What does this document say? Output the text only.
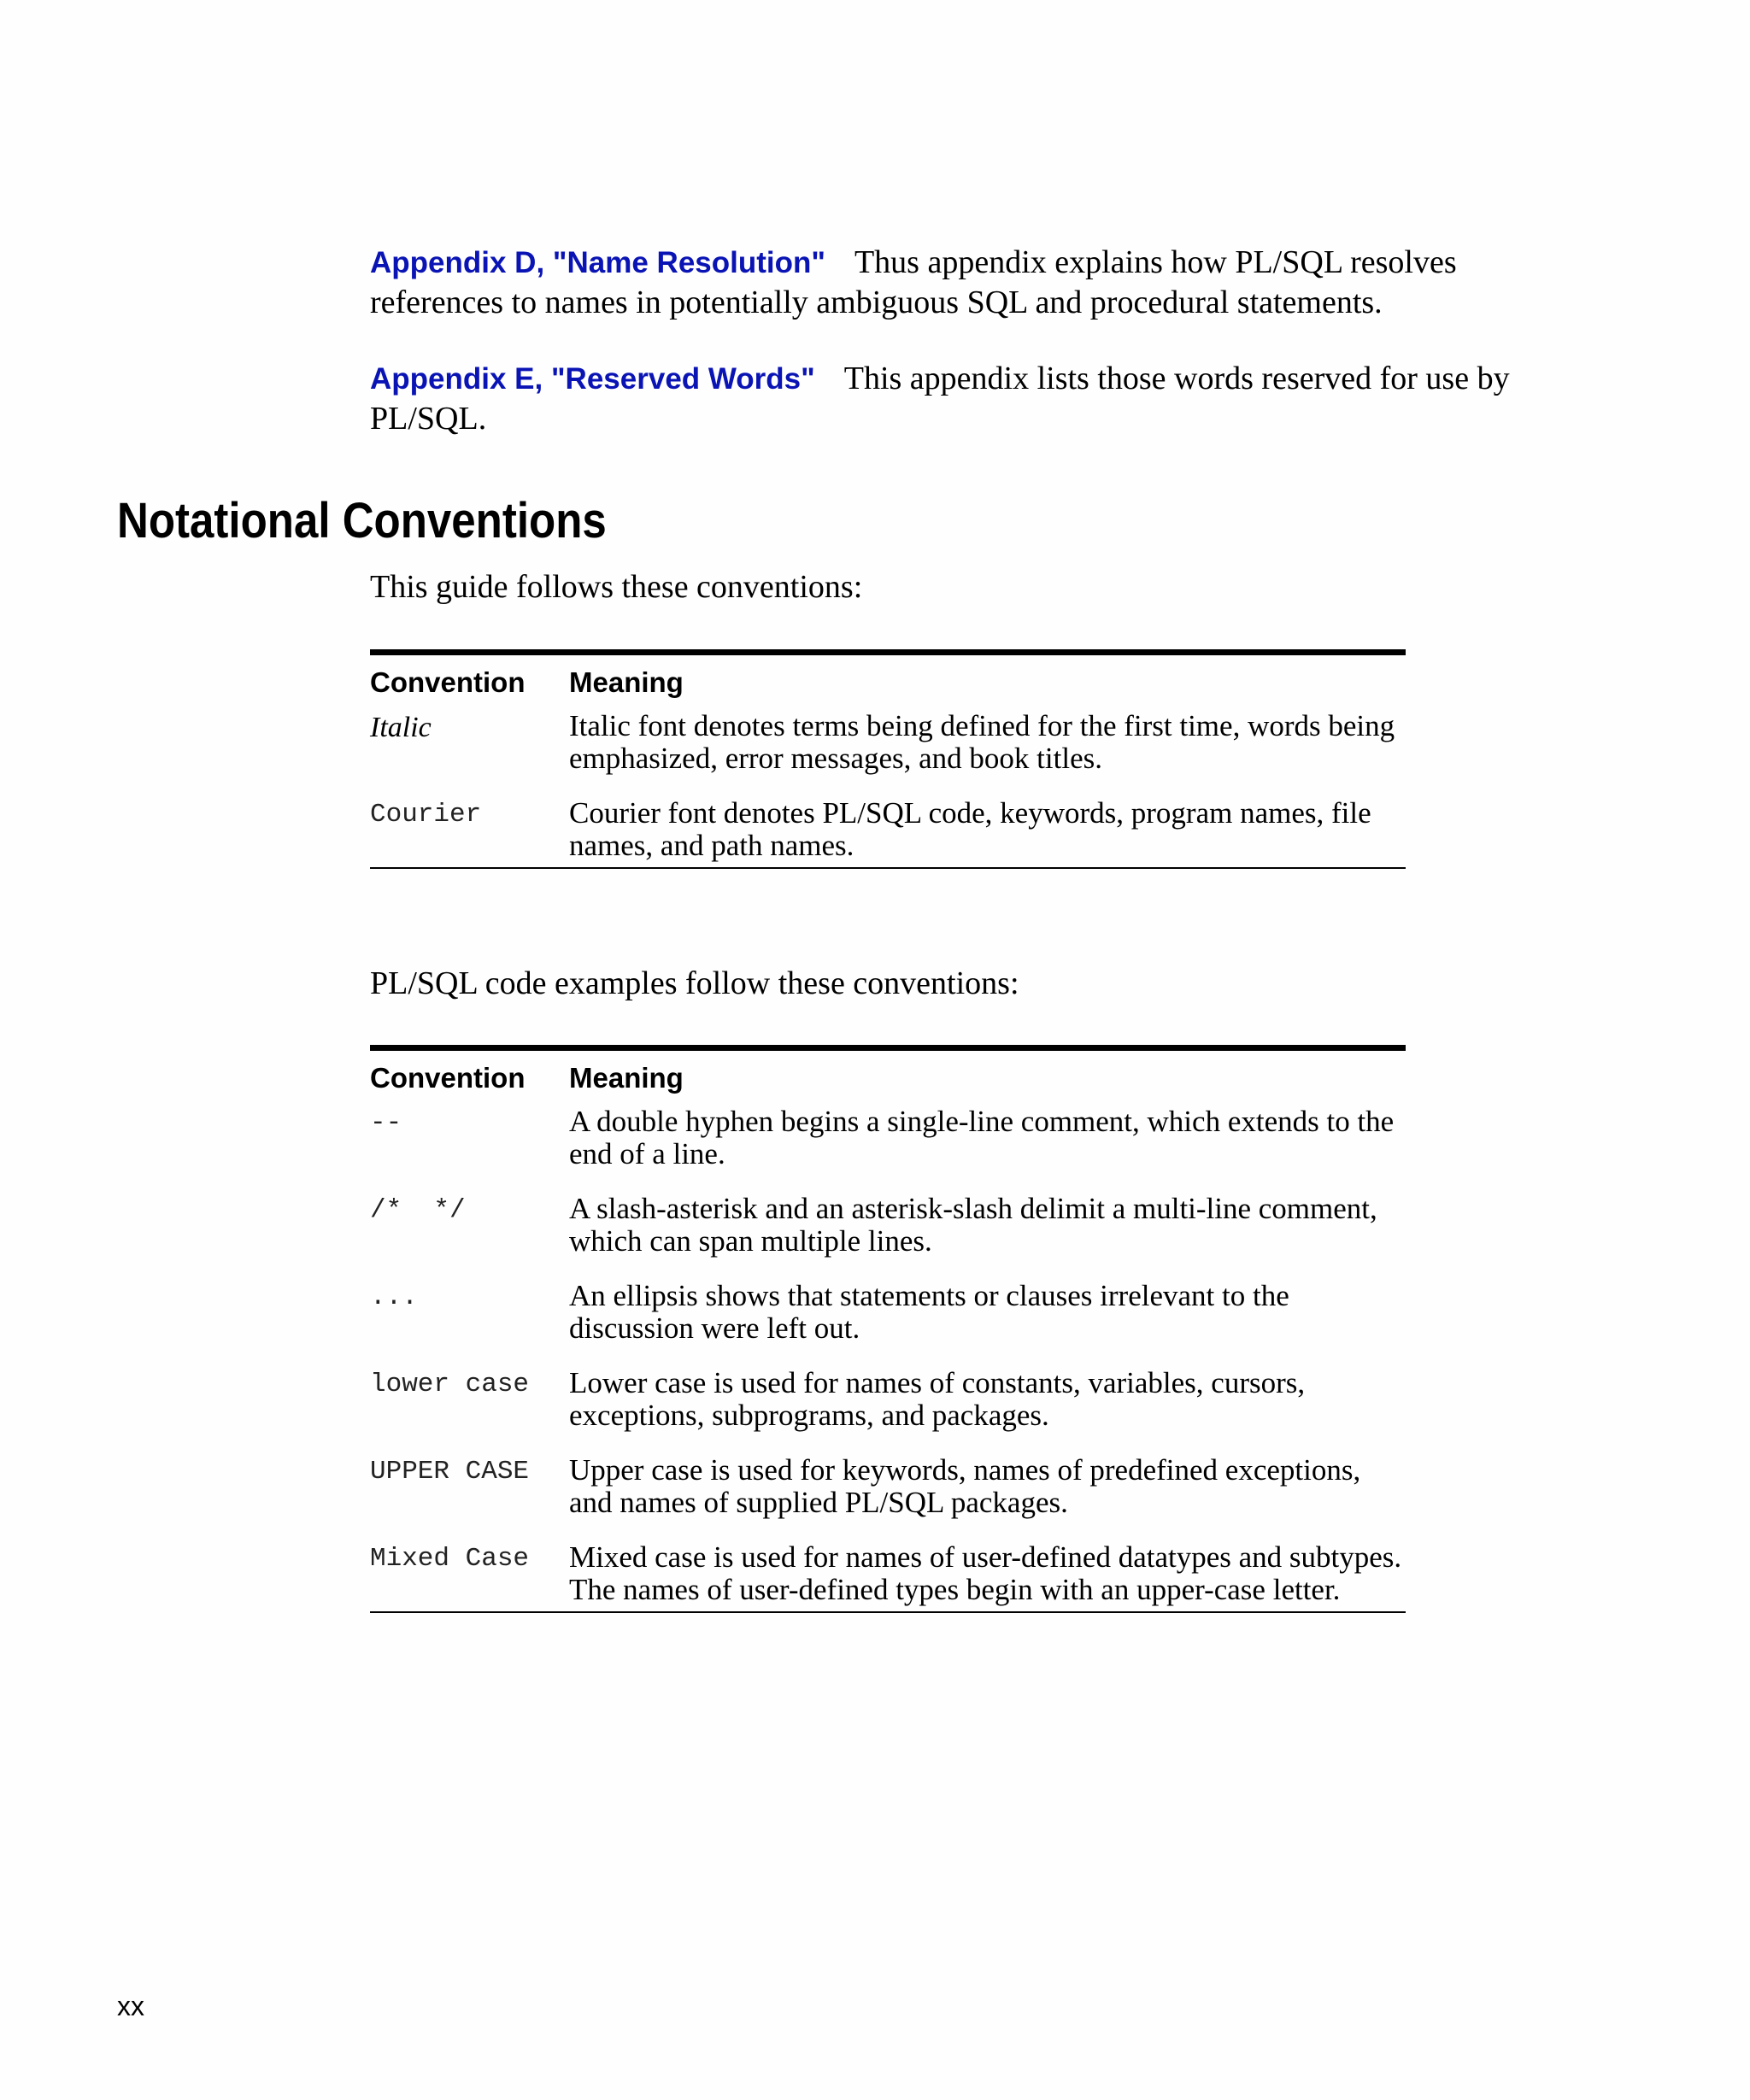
Appendix D, "Name Resolution" Thus appendix explains how PL/SQL resolves references to names in potentially ambiguous SQL and procedural statements.
Appendix E, "Reserved Words" This appendix lists those words reserved for use by PL/SQL.
Notational Conventions

This guide follows these conventions:

Convention	Meaning
Italic	Italic font denotes terms being defined for the first time, words being emphasized, error messages, and book titles.
Courier	Courier font denotes PL/SQL code, keywords, program names, file names, and path names.

PL/SQL code examples follow these conventions:

Convention	Meaning
--	A double hyphen begins a single-line comment, which extends to the end of a line.
/*  */	A slash-asterisk and an asterisk-slash delimit a multi-line comment, which can span multiple lines.
...	An ellipsis shows that statements or clauses irrelevant to the discussion were left out.
lower case	Lower case is used for names of constants, variables, cursors, exceptions, subprograms, and packages.
UPPER CASE	Upper case is used for keywords, names of predefined exceptions, and names of supplied PL/SQL packages.
Mixed Case	Mixed case is used for names of user-defined datatypes and subtypes. The names of user-defined types begin with an upper-case letter.
xx
